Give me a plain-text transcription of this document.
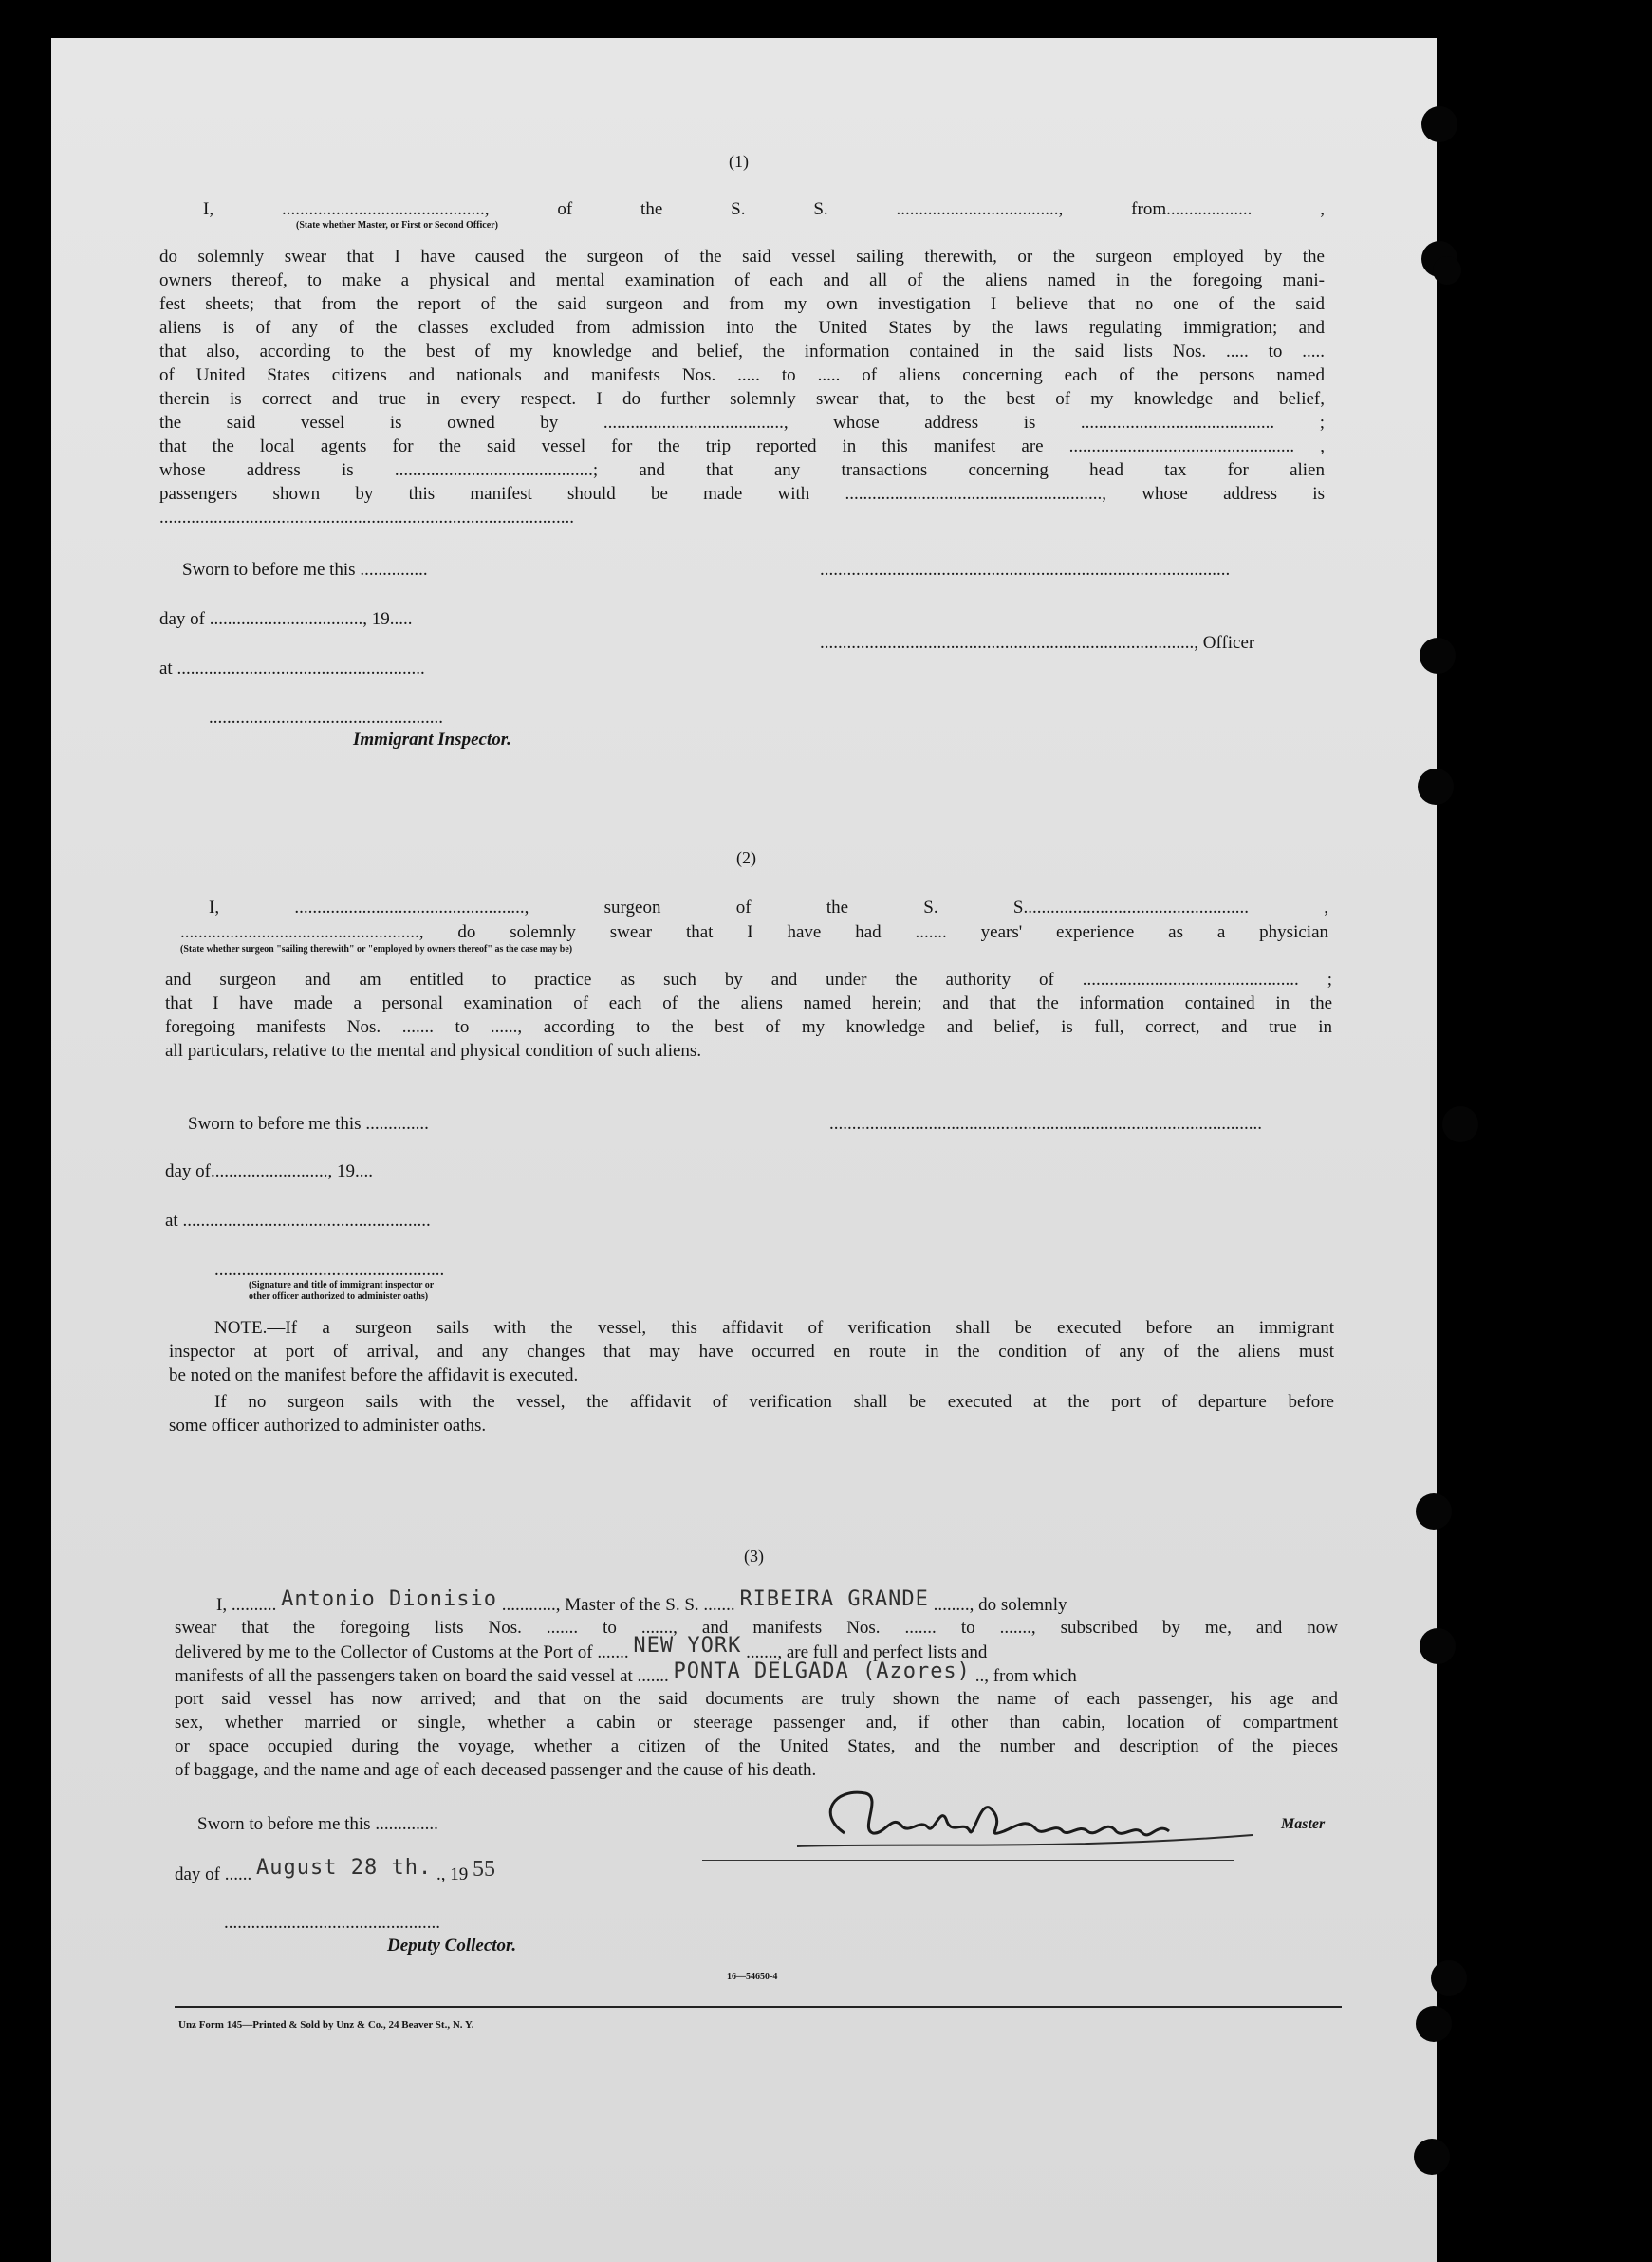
(1)
I, ............................................., of the S. S. ...................................., from................... ,
(State whether Master, or First or Second Officer)
do solemnly swear that I have caused the surgeon of the said vessel sailing therewith, or the surgeon employed by the
owners thereof, to make a physical and mental examination of each and all of the aliens named in the foregoing mani-
fest sheets; that from the report of the said surgeon and from my own investigation I believe that no one of the said
aliens is of any of the classes excluded from admission into the United States by the laws regulating immigration; and
that also, according to the best of my knowledge and belief, the information contained in the said lists Nos. ..... to .....
of United States citizens and nationals and manifests Nos. ..... to ..... of aliens concerning each of the persons named
therein is correct and true in every respect. I do further solemnly swear that, to the best of my knowledge and belief,
the said vessel is owned by ........................................, whose address is ........................................... ;
that the local agents for the said vessel for the trip reported in this manifest are .................................................. ,
whose address is ............................................; and that any transactions concerning head tax for alien
passengers shown by this manifest should be made with ........................................................., whose address is
............................................................................................
Sworn to before me this ...............	...........................................................................................
day of .................................., 19.....
..................................................................................., Officer
at .......................................................
....................................................
Immigrant Inspector.
(2)
I, ..................................................., surgeon of the S. S.................................................. ,
....................................................., do solemnly swear that I have had ....... years' experience as a physician
(State whether surgeon "sailing therewith" or "employed by owners thereof" as the case may be)
and surgeon and am entitled to practice as such by and under the authority of ................................................ ;
that I have made a personal examination of each of the aliens named herein; and that the information contained in the
foregoing manifests Nos. ....... to ......, according to the best of my knowledge and belief, is full, correct, and true in
all particulars, relative to the mental and physical condition of such aliens.
Sworn to before me this ..............	................................................................................................
day of.........................., 19....
at .......................................................
...................................................
(Signature and title of immigrant inspector or
other officer authorized to administer oaths)
NOTE.—If a surgeon sails with the vessel, this affidavit of verification shall be executed before an immigrant
inspector at port of arrival, and any changes that may have occurred en route in the condition of any of the aliens must
be noted on the manifest before the affidavit is executed.
If no surgeon sails with the vessel, the affidavit of verification shall be executed at the port of departure before
some officer authorized to administer oaths.
(3)
I, .......... Antonio Dionisio ............, Master of the S. S. ....... RIBEIRA GRANDE ........, do solemnly
swear that the foregoing lists Nos. ....... to ......., and manifests Nos. ....... to ......., subscribed by me, and now
delivered by me to the Collector of Customs at the Port of ....... NEW YORK ......., are full and perfect lists and
manifests of all the passengers taken on board the said vessel at ....... PONTA DELGADA (Azores) .., from which
port said vessel has now arrived; and that on the said documents are truly shown the name of each passenger, his age and
sex, whether married or single, whether a cabin or steerage passenger and, if other than cabin, location of compartment
or space occupied during the voyage, whether a citizen of the United States, and the number and description of the pieces
of baggage, and the name and age of each deceased passenger and the cause of his death.
Sworn to before me this ..............	Master
day of ...... August 28 th. ., 19 55
................................................
Deputy Collector.
16—54650-4
Unz Form 145—Printed & Sold by Unz & Co., 24 Beaver St., N. Y.
